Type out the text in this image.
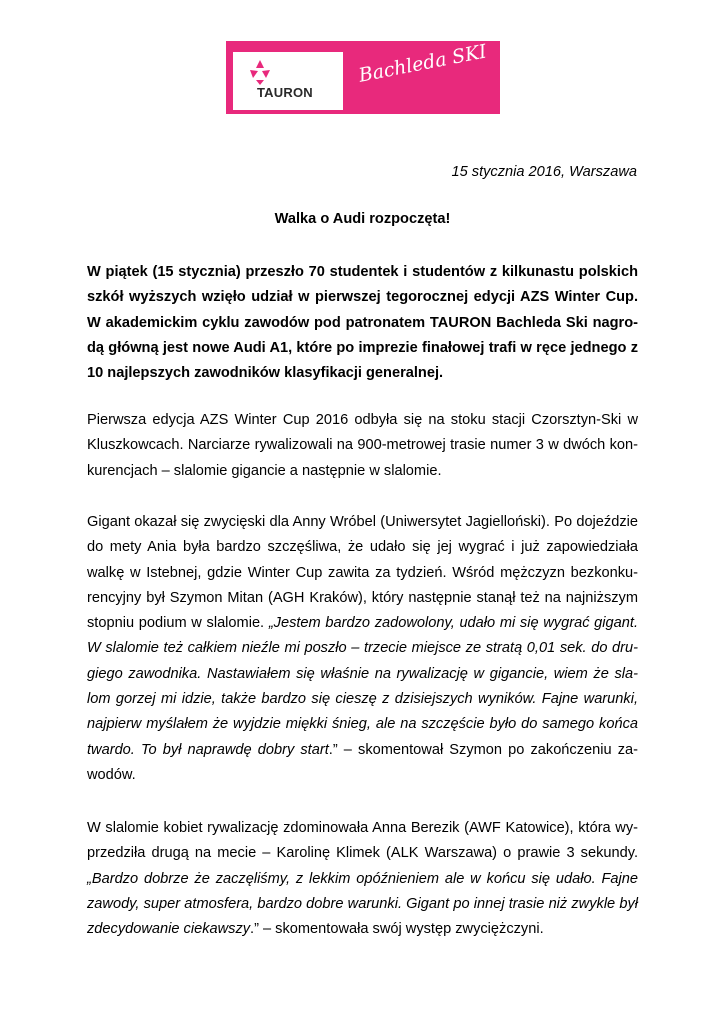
TAURON
Bachleda SKI
15 stycznia 2016, Warszawa
Walka o Audi rozpoczęta!
W piątek (15 stycznia) przeszło 70 studentek i studentów z kilkunastu polskich
szkół wyższych wzięło udział w pierwszej tegorocznej edycji AZS Winter Cup.
W akademickim cyklu zawodów pod patronatem TAURON Bachleda Ski nagro-
dą główną jest nowe Audi A1, które po imprezie finałowej trafi w ręce jednego z
10 najlepszych zawodników klasyfikacji generalnej.
Pierwsza edycja AZS Winter Cup 2016 odbyła się na stoku stacji Czorsztyn-Ski w
Kluszkowcach. Narciarze rywalizowali na 900-metrowej trasie numer 3 w dwóch kon-
kurencjach – slalomie gigancie a następnie w slalomie.
Gigant okazał się zwycięski dla Anny Wróbel (Uniwersytet Jagielloński). Po dojeździe
do mety Ania była bardzo szczęśliwa, że udało się jej wygrać i już zapowiedziała
walkę w Istebnej, gdzie Winter Cup zawita za tydzień. Wśród mężczyzn bezkonku-
rencyjny był Szymon Mitan (AGH Kraków), który następnie stanął też na najniższym
stopniu podium w slalomie. „Jestem bardzo zadowolony, udało mi się wygrać gigant.
W slalomie też całkiem nieźle mi poszło – trzecie miejsce ze stratą 0,01 sek. do dru-
giego zawodnika. Nastawiałem się właśnie na rywalizację w gigancie, wiem że sla-
lom gorzej mi idzie, także bardzo się cieszę z dzisiejszych wyników. Fajne warunki,
najpierw myślałem że wyjdzie miękki śnieg, ale na szczęście było do samego końca
twardo. To był naprawdę dobry start.” – skomentował Szymon po zakończeniu za-
wodów.
W slalomie kobiet rywalizację zdominowała Anna Berezik (AWF Katowice), która wy-
przedziła drugą na mecie – Karolinę Klimek (ALK Warszawa) o prawie 3 sekundy.
„Bardzo dobrze że zaczęliśmy, z lekkim opóźnieniem ale w końcu się udało. Fajne
zawody, super atmosfera, bardzo dobre warunki. Gigant po innej trasie niż zwykle był
zdecydowanie ciekawszy.” – skomentowała swój występ zwyciężczyni.
